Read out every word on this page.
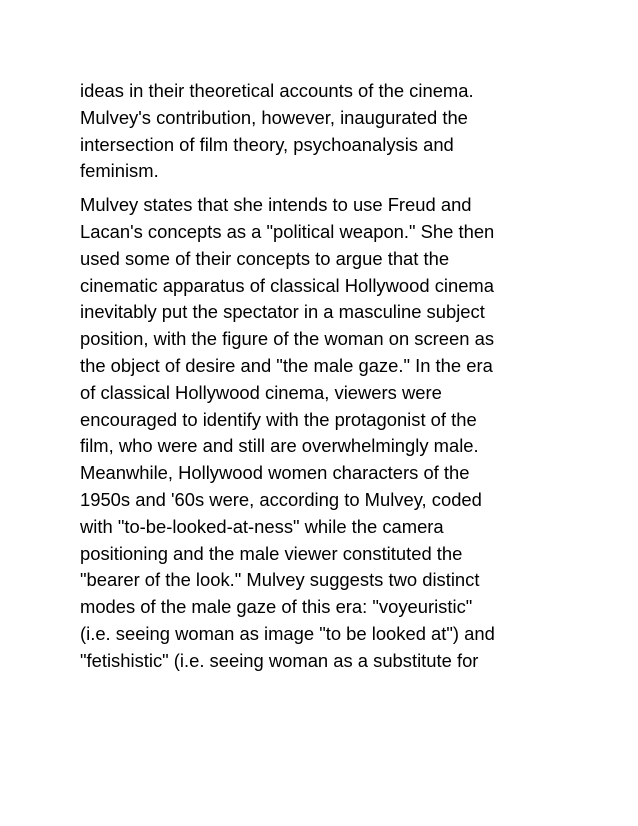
ideas in their theoretical accounts of the cinema.
Mulvey's contribution, however, inaugurated the
intersection of film theory, psychoanalysis and
feminism.

Mulvey states that she intends to use Freud and
Lacan's concepts as a "political weapon." She then
used some of their concepts to argue that the
cinematic apparatus of classical Hollywood cinema
inevitably put the spectator in a masculine subject
position, with the figure of the woman on screen as
the object of desire and "the male gaze." In the era
of classical Hollywood cinema, viewers were
encouraged to identify with the protagonist of the
film, who were and still are overwhelmingly male.
Meanwhile, Hollywood women characters of the
1950s and '60s were, according to Mulvey, coded
with "to-be-looked-at-ness" while the camera
positioning and the male viewer constituted the
"bearer of the look." Mulvey suggests two distinct
modes of the male gaze of this era: "voyeuristic"
(i.e. seeing woman as image "to be looked at") and
"fetishistic" (i.e. seeing woman as a substitute for
